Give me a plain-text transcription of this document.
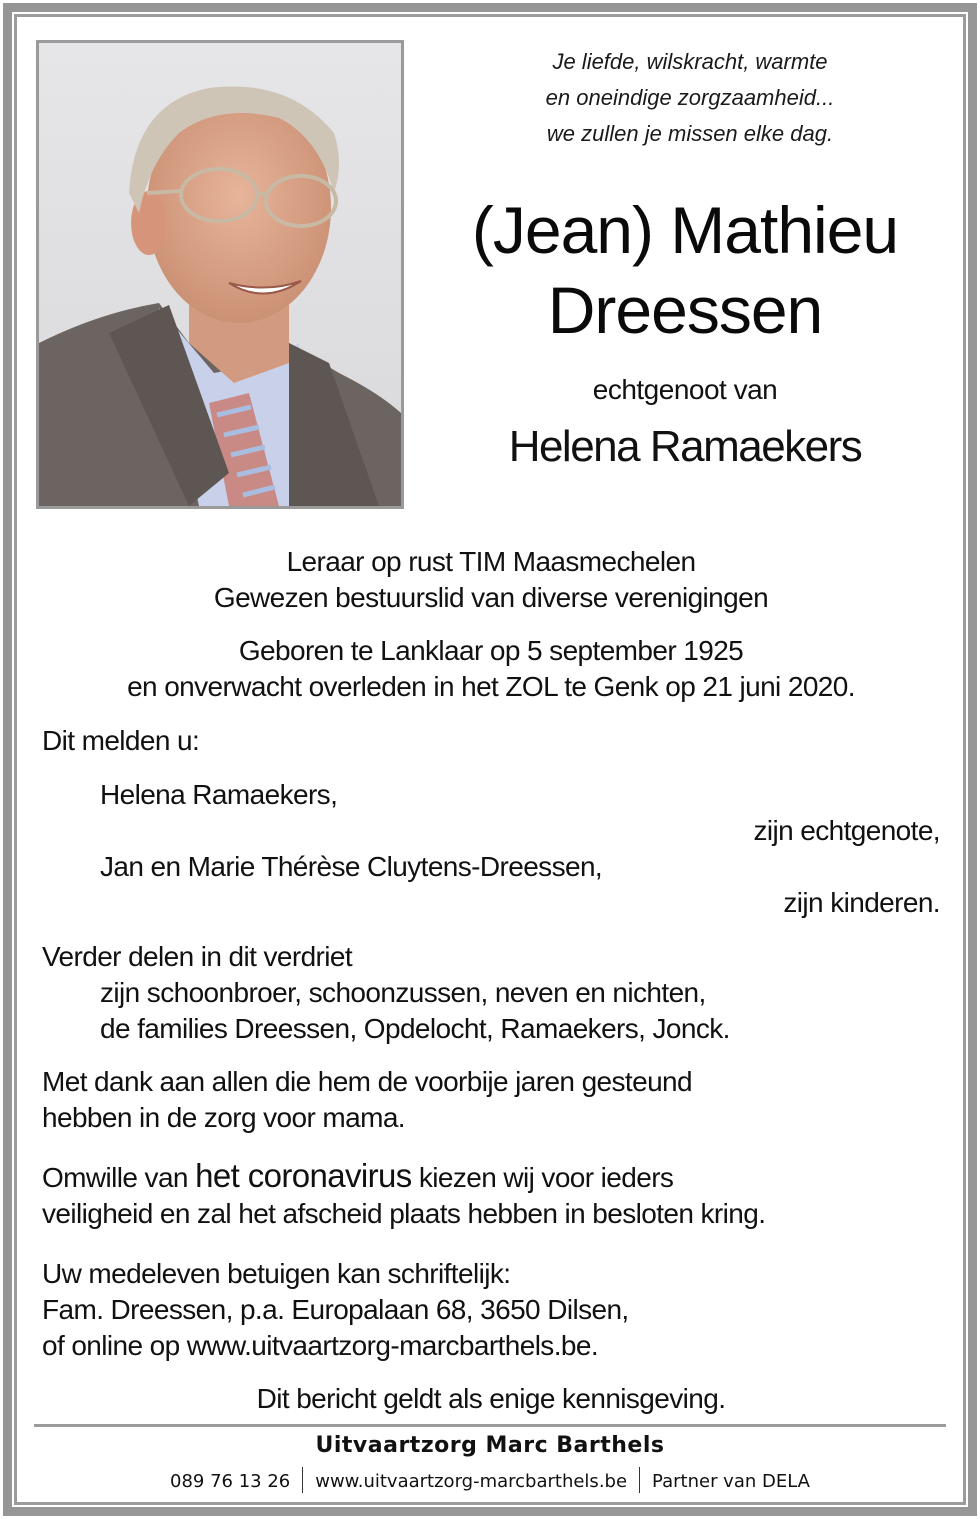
Je liefde, wilskracht, warmte
en oneindige zorgzaamheid...
we zullen je missen elke dag.
(Jean) Mathieu
Dreessen
echtgenoot van
Helena Ramaekers
Leraar op rust TIM Maasmechelen
Gewezen bestuurslid van diverse verenigingen
Geboren te Lanklaar op 5 september 1925
en onverwacht overleden in het ZOL te Genk op 21 juni 2020.
Dit melden u:
Helena Ramaekers,
zijn echtgenote,
Jan en Marie Thérèse Cluytens-Dreessen,
zijn kinderen.
Verder delen in dit verdriet
zijn schoonbroer, schoonzussen, neven en nichten,
de families Dreessen, Opdelocht, Ramaekers, Jonck.
Met dank aan allen die hem de voorbije jaren gesteund
hebben in de zorg voor mama.
Omwille van het coronavirus kiezen wij voor ieders
veiligheid en zal het afscheid plaats hebben in besloten kring.
Uw medeleven betuigen kan schriftelijk:
Fam. Dreessen, p.a. Europalaan 68, 3650 Dilsen,
of online op www.uitvaartzorg-marcbarthels.be.
Dit bericht geldt als enige kennisgeving.
Uitvaartzorg Marc Barthels
089 76 13 26 www.uitvaartzorg-marcbarthels.be Partner van DELA
